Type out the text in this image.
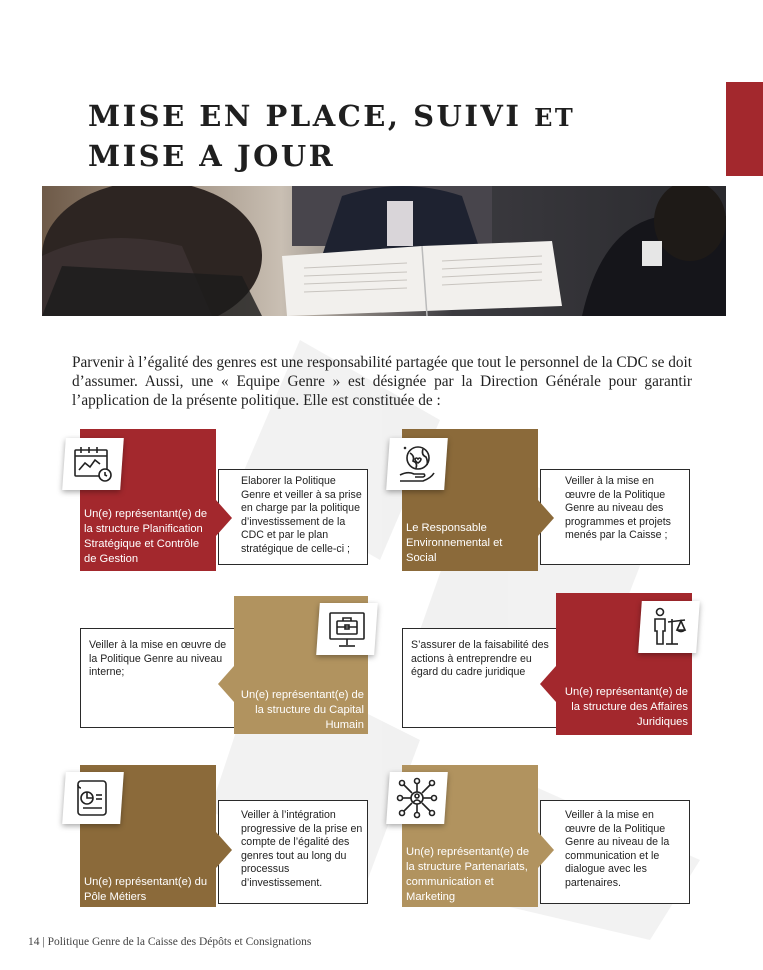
MISE EN PLACE, SUIVI ET
MISE A JOUR

Parvenir à l’égalité des genres est une responsabilité partagée que tout le personnel de la CDC se doit d’assumer. Aussi, une « Equipe Genre » est désignée par la Direction Générale pour garantir l’application de la présente politique. Elle est constituée de :

Elaborer la Politique Genre et veiller à sa prise en charge par la politique d’investissement de la CDC et par le plan stratégique de celle-ci ;
Un(e) représentant(e) de la structure Planification Stratégique et Contrôle de Gestion
Veiller à la mise en œuvre de la Politique Genre au niveau des programmes et projets menés par la Caisse ;
Le Responsable Environnemental et Social
Veiller à la mise en œuvre de la Politique Genre au niveau interne;
Un(e) représentant(e) de la structure du Capital Humain
S’assurer de la faisabilité des actions à entreprendre eu égard du cadre juridique
Un(e) représentant(e) de la structure des Affaires Juridiques
Veiller à l’intégration progressive de la prise en compte de l’égalité des genres tout au long du processus d’investissement.
Un(e) représentant(e) du Pôle Métiers
Veiller à la mise en œuvre de la Politique Genre au niveau de la communication et le dialogue avec les partenaires.
Un(e) représentant(e) de la structure Partenariats, communication et Marketing
14 | Politique Genre de la Caisse des Dépôts et Consignations
